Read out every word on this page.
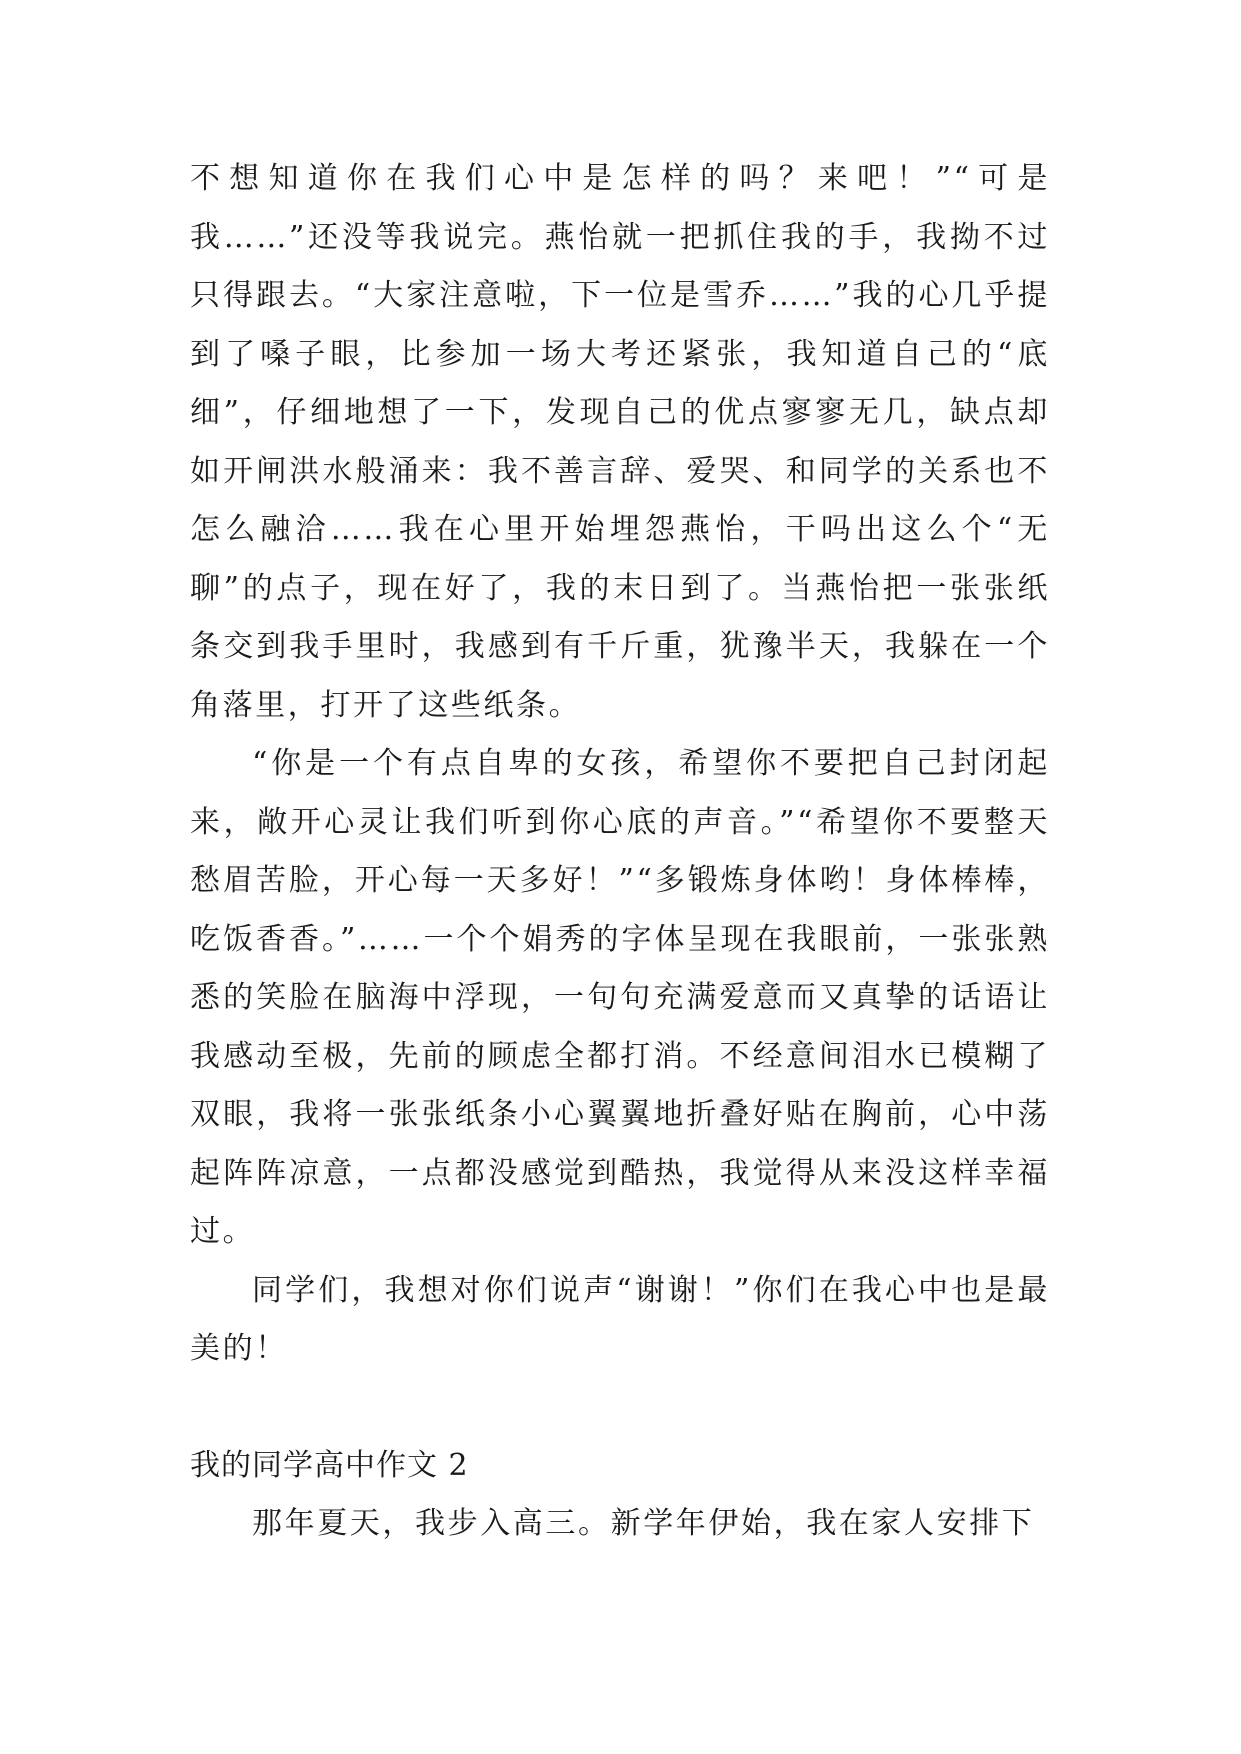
不想知道你在我们心中是怎样的吗？来吧！”“可是我……”还没等我说完。燕怡就一把抓住我的手，我拗不过只得跟去。“大家注意啦，下一位是雪乔……”我的心几乎提到了嗓子眼，比参加一场大考还紧张，我知道自己的“底细”，仔细地想了一下，发现自己的优点寥寥无几，缺点却如开闸洪水般涌来：我不善言辞、爱哭、和同学的关系也不怎么融洽……我在心里开始埋怨燕怡，干吗出这么个“无聊”的点子，现在好了，我的末日到了。当燕怡把一张张纸条交到我手里时，我感到有千斤重，犹豫半天，我躲在一个角落里，打开了这些纸条。

“你是一个有点自卑的女孩，希望你不要把自己封闭起来，敞开心灵让我们听到你心底的声音。”“希望你不要整天愁眉苦脸，开心每一天多好！”“多锻炼身体哟！身体棒棒，吃饭香香。”……一个个娟秀的字体呈现在我眼前，一张张熟悉的笑脸在脑海中浮现，一句句充满爱意而又真挚的话语让我感动至极，先前的顾虑全都打消。不经意间泪水已模糊了双眼，我将一张张纸条小心翼翼地折叠好贴在胸前，心中荡起阵阵凉意，一点都没感觉到酷热，我觉得从来没这样幸福过。

同学们，我想对你们说声“谢谢！”你们在我心中也是最美的！

我的同学高中作文 2

那年夏天，我步入高三。新学年伊始，我在家人安排下
